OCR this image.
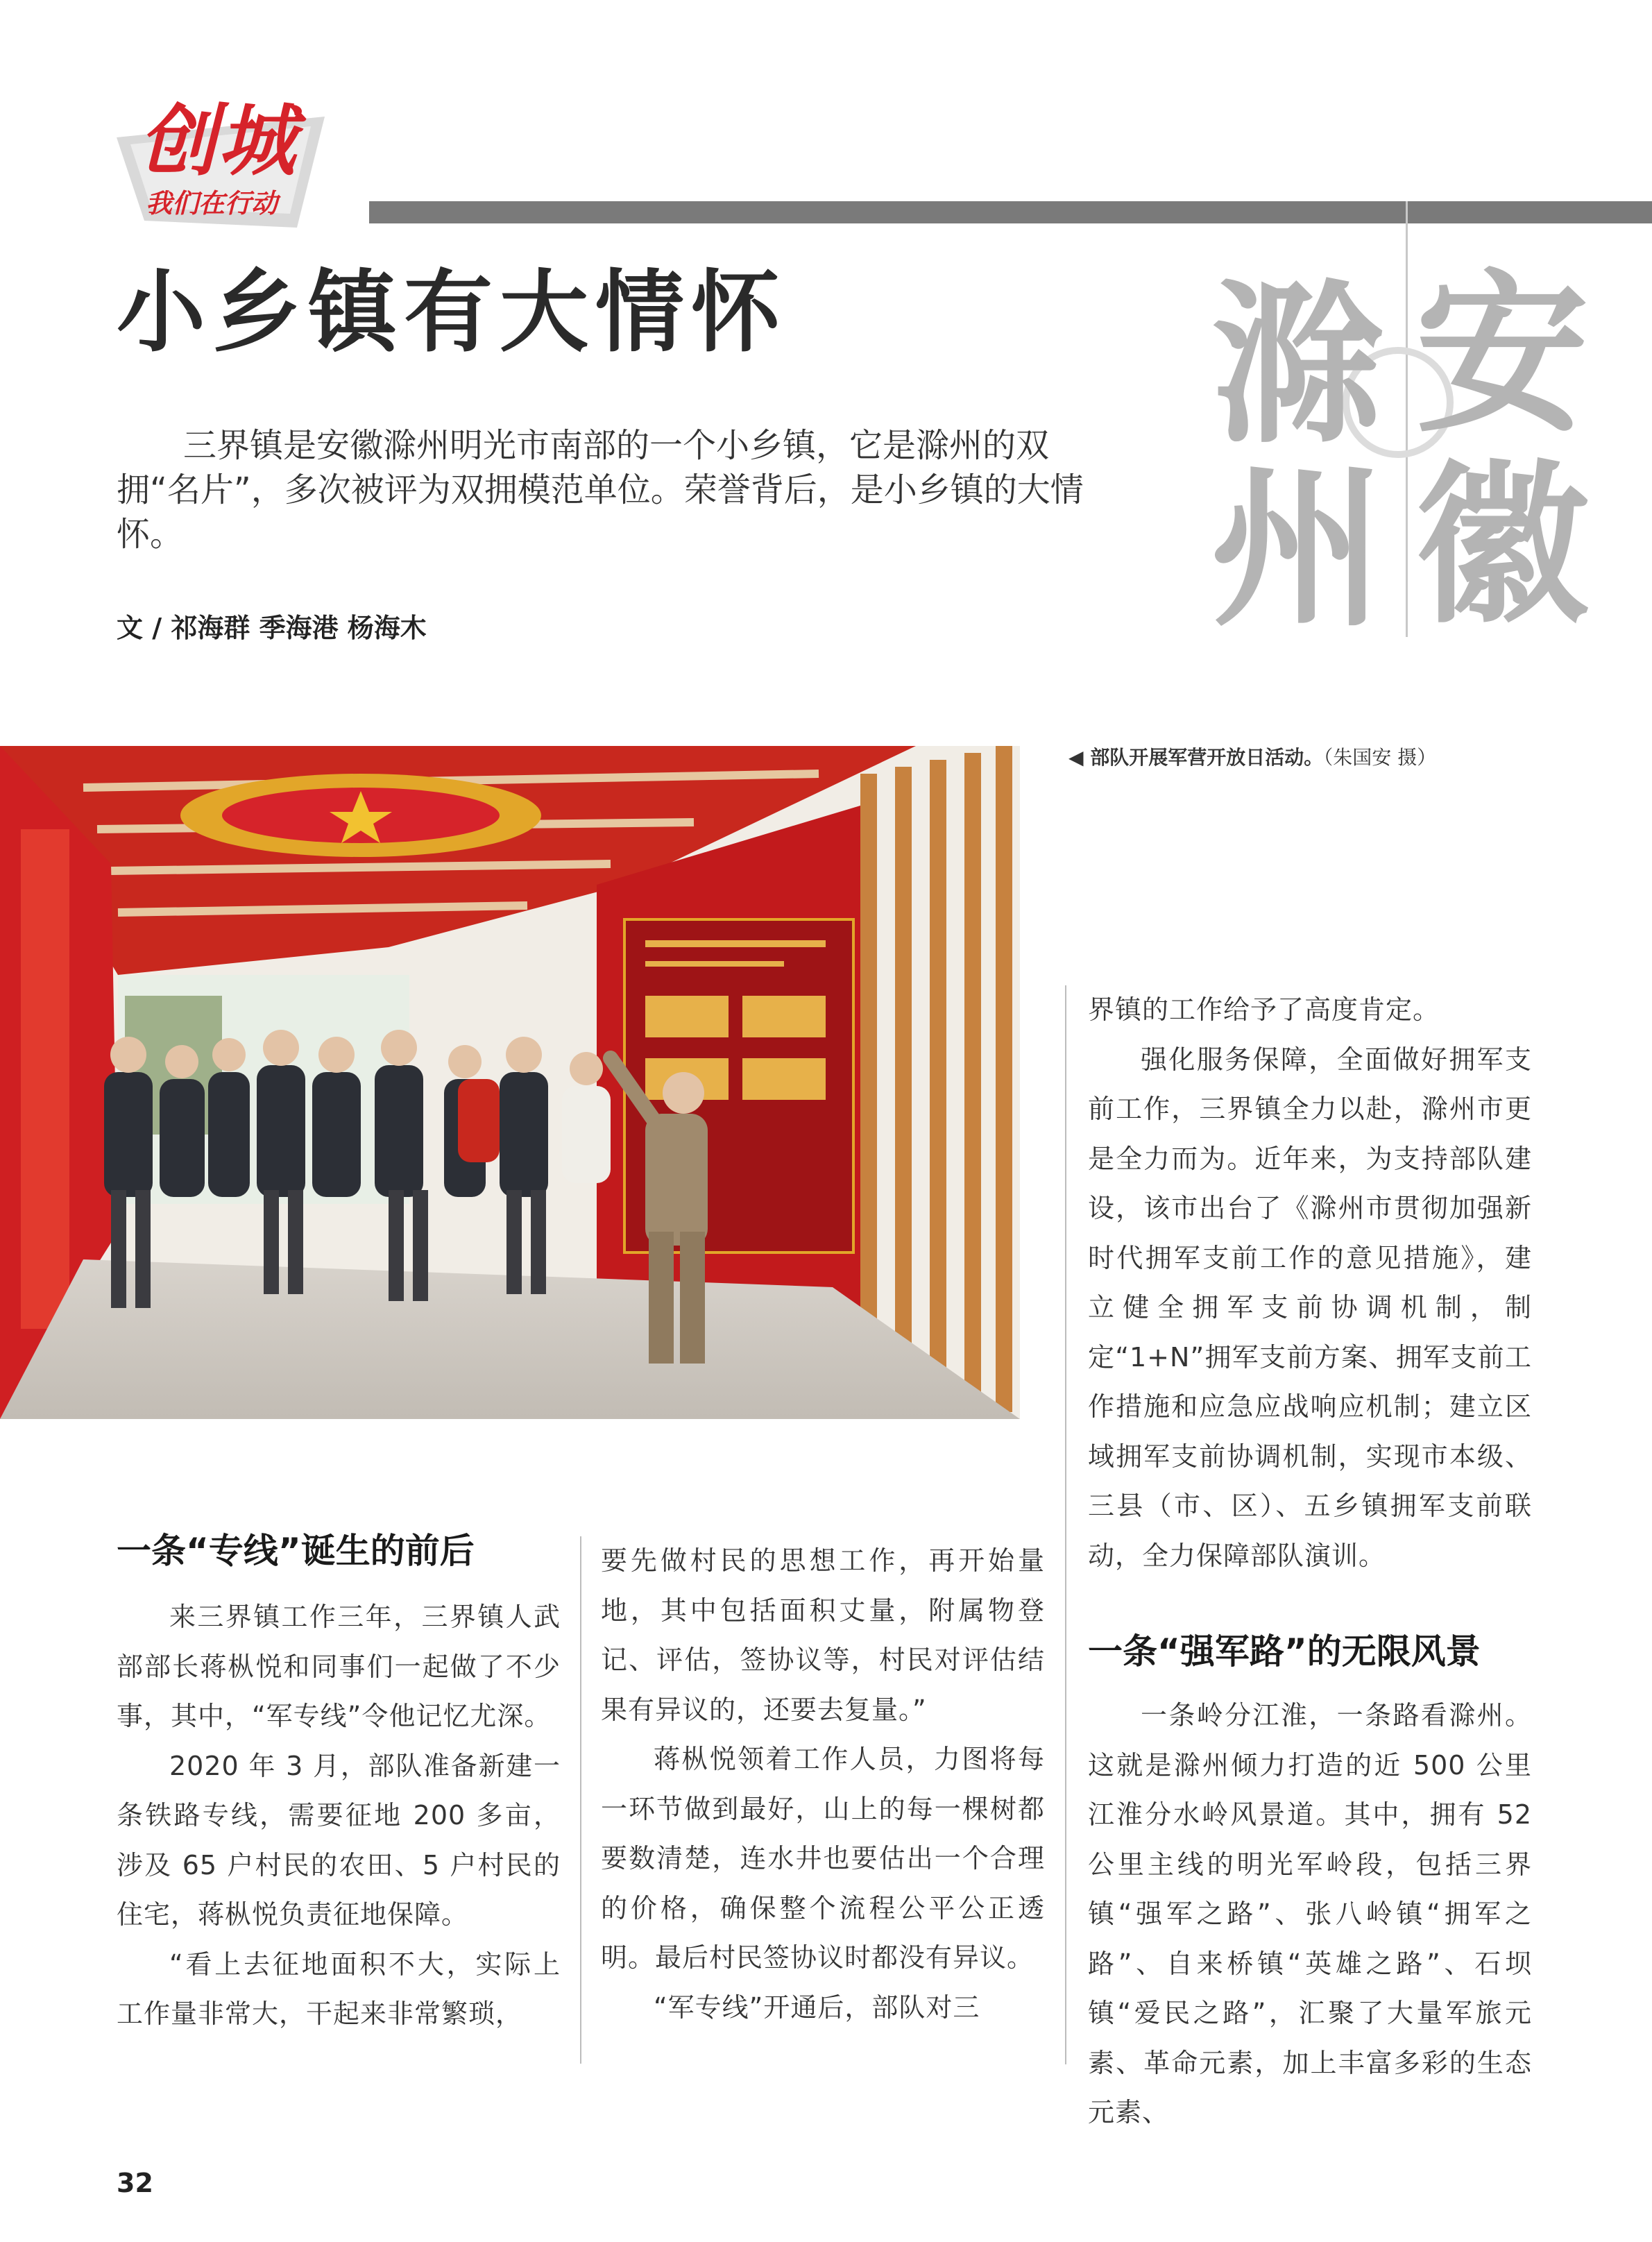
创城
我们在行动
安
徽
滁
州
小乡镇有大情怀
三界镇是安徽滁州明光市南部的一个小乡镇，它是滁州的双拥“名片”，多次被评为双拥模范单位。荣誉背后，是小乡镇的大情怀。
文 / 祁海群 季海港 杨海木
◀ 部队开展军营开放日活动。（朱国安 摄）
一条“专线”诞生的前后

来三界镇工作三年，三界镇人武部部长蒋枞悦和同事们一起做了不少事，其中，“军专线”令他记忆尤深。

2020 年 3 月，部队准备新建一条铁路专线，需要征地 200 多亩，涉及 65 户村民的农田、5 户村民的住宅，蒋枞悦负责征地保障。

“看上去征地面积不大，实际上工作量非常大，干起来非常繁琐，

要先做村民的思想工作，再开始量地，其中包括面积丈量，附属物登记、评估，签协议等，村民对评估结果有异议的，还要去复量。”

蒋枞悦领着工作人员，力图将每一环节做到最好，山上的每一棵树都要数清楚，连水井也要估出一个合理的价格，确保整个流程公平公正透明。最后村民签协议时都没有异议。

“军专线”开通后，部队对三

界镇的工作给予了高度肯定。

强化服务保障，全面做好拥军支前工作，三界镇全力以赴，滁州市更是全力而为。近年来，为支持部队建设，该市出台了《滁州市贯彻加强新时代拥军支前工作的意见措施》，建立健全拥军支前协调机制，制定“1+N”拥军支前方案、拥军支前工作措施和应急应战响应机制；建立区域拥军支前协调机制，实现市本级、三县（市、区）、五乡镇拥军支前联动，全力保障部队演训。

一条“强军路”的无限风景

一条岭分江淮，一条路看滁州。这就是滁州倾力打造的近 500 公里江淮分水岭风景道。其中，拥有 52 公里主线的明光军岭段，包括三界镇“强军之路”、张八岭镇“拥军之路”、自来桥镇“英雄之路”、石坝镇“爱民之路”，汇聚了大量军旅元素、革命元素，加上丰富多彩的生态元素、

32
